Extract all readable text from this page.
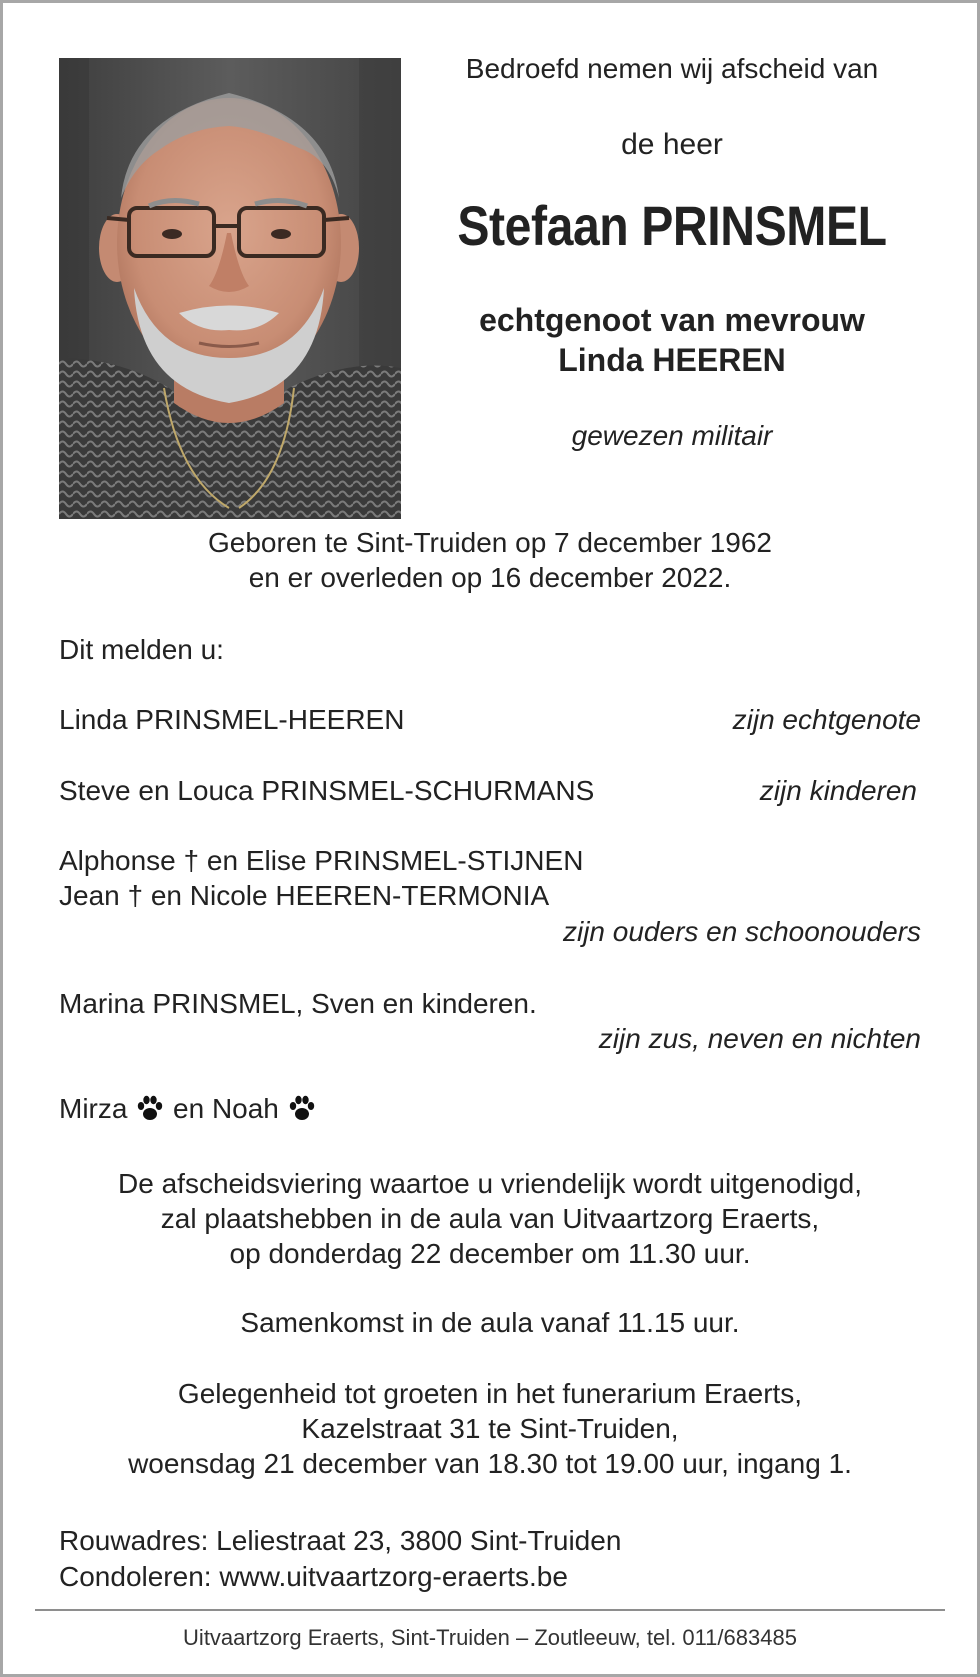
Bedroefd nemen wij afscheid van
de heer
Stefaan PRINSMEL
echtgenoot van mevrouw
Linda HEEREN
gewezen militair
Geboren te Sint-Truiden op 7 december 1962
en er overleden op 16 december 2022.
Dit melden u:
Linda PRINSMEL-HEEREN	zijn echtgenote
Steve en Louca PRINSMEL-SCHURMANS	zijn kinderen
Alphonse † en Elise PRINSMEL-STIJNEN
Jean † en Nicole HEEREN-TERMONIA
zijn ouders en schoonouders
Marina PRINSMEL, Sven en kinderen.
zijn zus, neven en nichten
Mirza en Noah
De afscheidsviering waartoe u vriendelijk wordt uitgenodigd,
zal plaatshebben in de aula van Uitvaartzorg Eraerts,
op donderdag 22 december om 11.30 uur.
Samenkomst in de aula vanaf 11.15 uur.
Gelegenheid tot groeten in het funerarium Eraerts,
Kazelstraat 31 te Sint-Truiden,
woensdag 21 december van 18.30 tot 19.00 uur, ingang 1.
Rouwadres: Leliestraat 23, 3800 Sint-Truiden
Condoleren: www.uitvaartzorg-eraerts.be
Uitvaartzorg Eraerts, Sint-Truiden – Zoutleeuw, tel. 011/683485
